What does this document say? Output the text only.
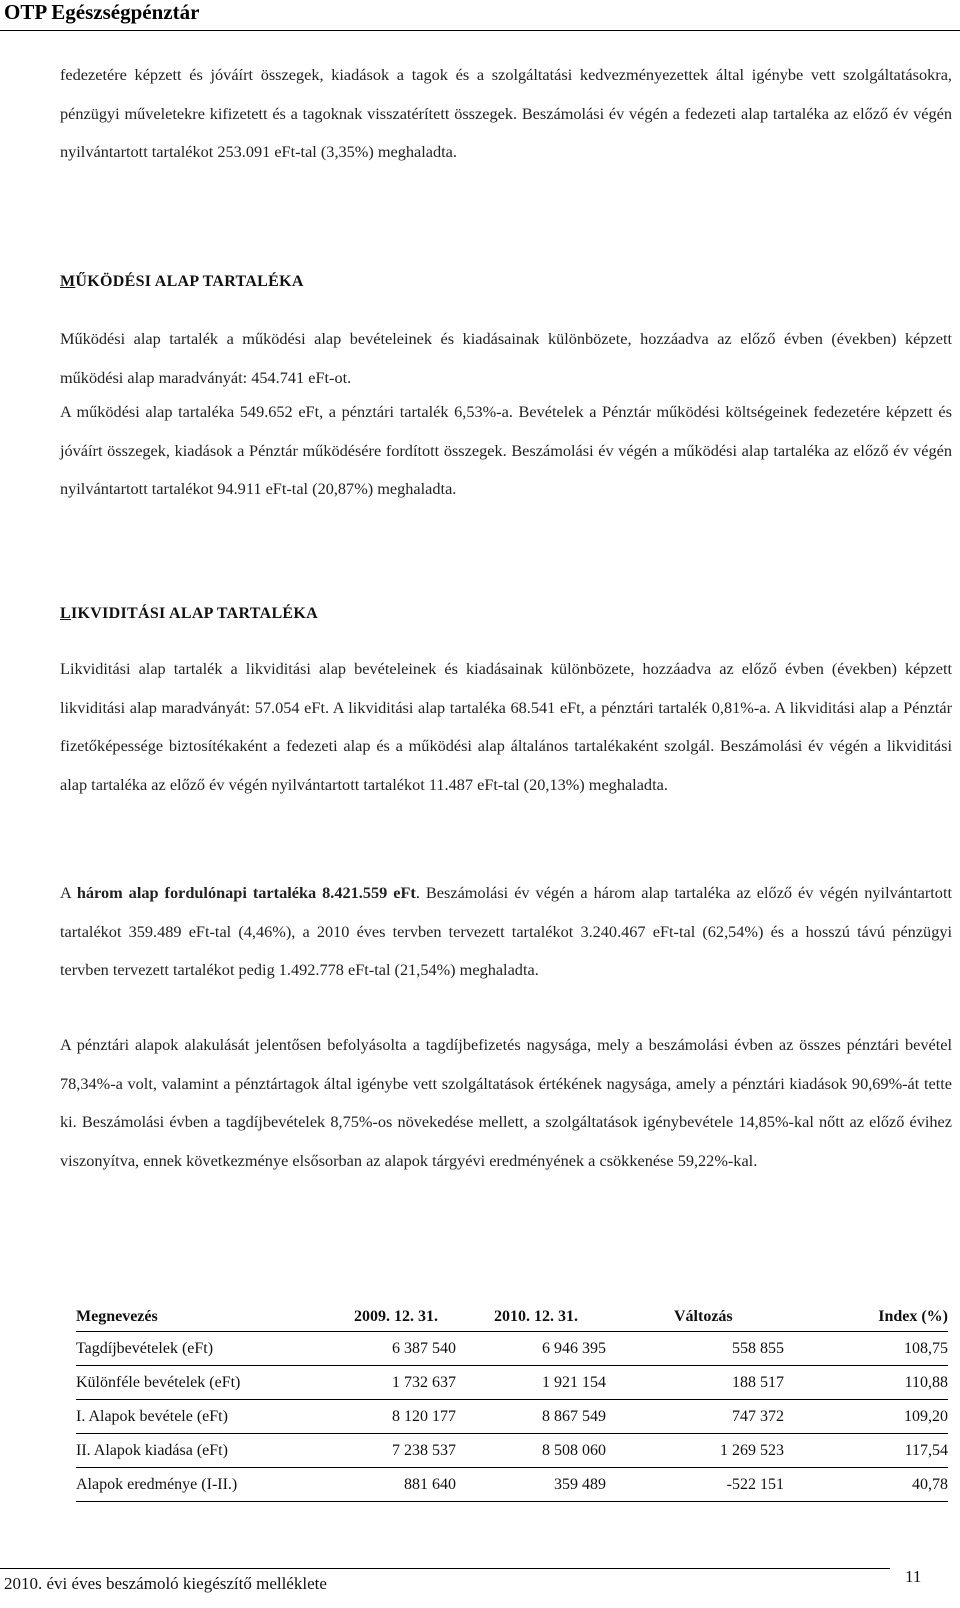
OTP Egészségpénztár
fedezetére képzett és jóváírt összegek, kiadások a tagok és a szolgáltatási kedvezményezettek által igénybe vett szolgáltatásokra, pénzügyi műveletekre kifizetett és a tagoknak visszatérített összegek. Beszámolási év végén a fedezeti alap tartaléka az előző év végén nyilvántartott tartalékot 253.091 eFt-tal (3,35%) meghaladta.
MŰKÖDÉSI ALAP TARTALÉKA
Működési alap tartalék a működési alap bevételeinek és kiadásainak különbözete, hozzáadva az előző évben (években) képzett működési alap maradványát: 454.741 eFt-ot.
A működési alap tartaléka 549.652 eFt, a pénztári tartalék 6,53%-a. Bevételek a Pénztár működési költségeinek fedezetére képzett és jóváírt összegek, kiadások a Pénztár működésére fordított összegek. Beszámolási év végén a működési alap tartaléka az előző év végén nyilvántartott tartalékot 94.911 eFt-tal (20,87%) meghaladta.
LIKVIDITÁSI ALAP TARTALÉKA
Likviditási alap tartalék a likviditási alap bevételeinek és kiadásainak különbözete, hozzáadva az előző évben (években) képzett likviditási alap maradványát: 57.054 eFt. A likviditási alap tartaléka 68.541 eFt, a pénztári tartalék 0,81%-a. A likviditási alap a Pénztár fizetőképessége biztosítékaként a fedezeti alap és a működési alap általános tartalékaként szolgál. Beszámolási év végén a likviditási alap tartaléka az előző év végén nyilvántartott tartalékot 11.487 eFt-tal (20,13%) meghaladta.
A három alap fordulónapi tartaléka 8.421.559 eFt. Beszámolási év végén a három alap tartaléka az előző év végén nyilvántartott tartalékot 359.489 eFt-tal (4,46%), a 2010 éves tervben tervezett tartalékot 3.240.467 eFt-tal (62,54%) és a hosszú távú pénzügyi tervben tervezett tartalékot pedig 1.492.778 eFt-tal (21,54%) meghaladta.
A pénztári alapok alakulását jelentősen befolyásolta a tagdíjbefizetés nagysága, mely a beszámolási évben az összes pénztári bevétel 78,34%-a volt, valamint a pénztártagok által igénybe vett szolgáltatások értékének nagysága, amely a pénztári kiadások 90,69%-át tette ki. Beszámolási évben a tagdíjbevételek 8,75%-os növekedése mellett, a szolgáltatások igénybevétele 14,85%-kal nőtt az előző évihez viszonyítva, ennek következménye elsősorban az alapok tárgyévi eredményének a csökkenése 59,22%-kal.
Megnevezés	2009. 12. 31.	2010. 12. 31.	Változás	Index (%)
Tagdíjbevételek (eFt)	6 387 540	6 946 395	558 855	108,75
Különféle bevételek (eFt)	1 732 637	1 921 154	188 517	110,88
I. Alapok bevétele (eFt)	8 120 177	8 867 549	747 372	109,20
II. Alapok kiadása (eFt)	7 238 537	8 508 060	1 269 523	117,54
Alapok eredménye (I-II.)	881 640	359 489	-522 151	40,78
2010. évi éves beszámoló kiegészítő melléklete	11
